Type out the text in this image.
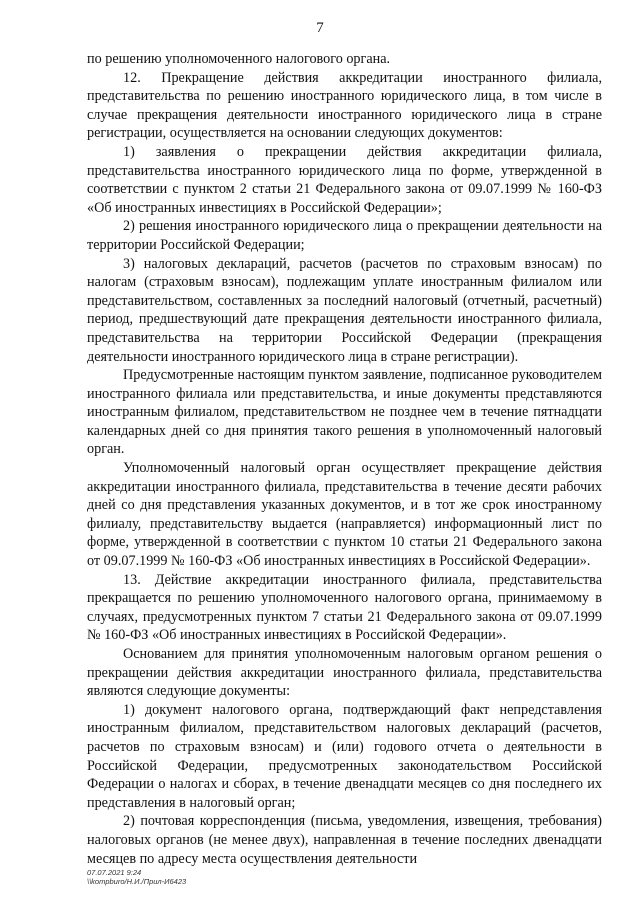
7

по решению уполномоченного налогового органа.

12. Прекращение действия аккредитации иностранного филиала, представительства по решению иностранного юридического лица, в том числе в случае прекращения деятельности иностранного юридического лица в стране регистрации, осуществляется на основании следующих документов:

1) заявления о прекращении действия аккредитации филиала, представительства иностранного юридического лица по форме, утвержденной в соответствии с пунктом 2 статьи 21 Федерального закона от 09.07.1999 № 160-ФЗ «Об иностранных инвестициях в Российской Федерации»;

2) решения иностранного юридического лица о прекращении деятельности на территории Российской Федерации;

3) налоговых деклараций, расчетов (расчетов по страховым взносам) по налогам (страховым взносам), подлежащим уплате иностранным филиалом или представительством, составленных за последний налоговый (отчетный, расчетный) период, предшествующий дате прекращения деятельности иностранного филиала, представительства на территории Российской Федерации (прекращения деятельности иностранного юридического лица в стране регистрации).

Предусмотренные настоящим пунктом заявление, подписанное руководителем иностранного филиала или представительства, и иные документы представляются иностранным филиалом, представительством не позднее чем в течение пятнадцати календарных дней со дня принятия такого решения в уполномоченный налоговый орган.

Уполномоченный налоговый орган осуществляет прекращение действия аккредитации иностранного филиала, представительства в течение десяти рабочих дней со дня представления указанных документов, и в тот же срок иностранному филиалу, представительству выдается (направляется) информационный лист по форме, утвержденной в соответствии с пунктом 10 статьи 21 Федерального закона от 09.07.1999 № 160-ФЗ «Об иностранных инвестициях в Российской Федерации».

13. Действие аккредитации иностранного филиала, представительства прекращается по решению уполномоченного налогового органа, принимаемому в случаях, предусмотренных пунктом 7 статьи 21 Федерального закона от 09.07.1999 № 160-ФЗ «Об иностранных инвестициях в Российской Федерации».

Основанием для принятия уполномоченным налоговым органом решения о прекращении действия аккредитации иностранного филиала, представительства являются следующие документы:

1) документ налогового органа, подтверждающий факт непредставления иностранным филиалом, представительством налоговых деклараций (расчетов, расчетов по страховым взносам) и (или) годового отчета о деятельности в Российской Федерации, предусмотренных законодательством Российской Федерации о налогах и сборах, в течение двенадцати месяцев со дня последнего их представления в налоговый орган;

2) почтовая корреспонденция (письма, уведомления, извещения, требования) налоговых органов (не менее двух), направленная в течение последних двенадцати месяцев по адресу места осуществления деятельности

07.07.2021 9:24
\\kompburo/Н.И./Прил-И6423
